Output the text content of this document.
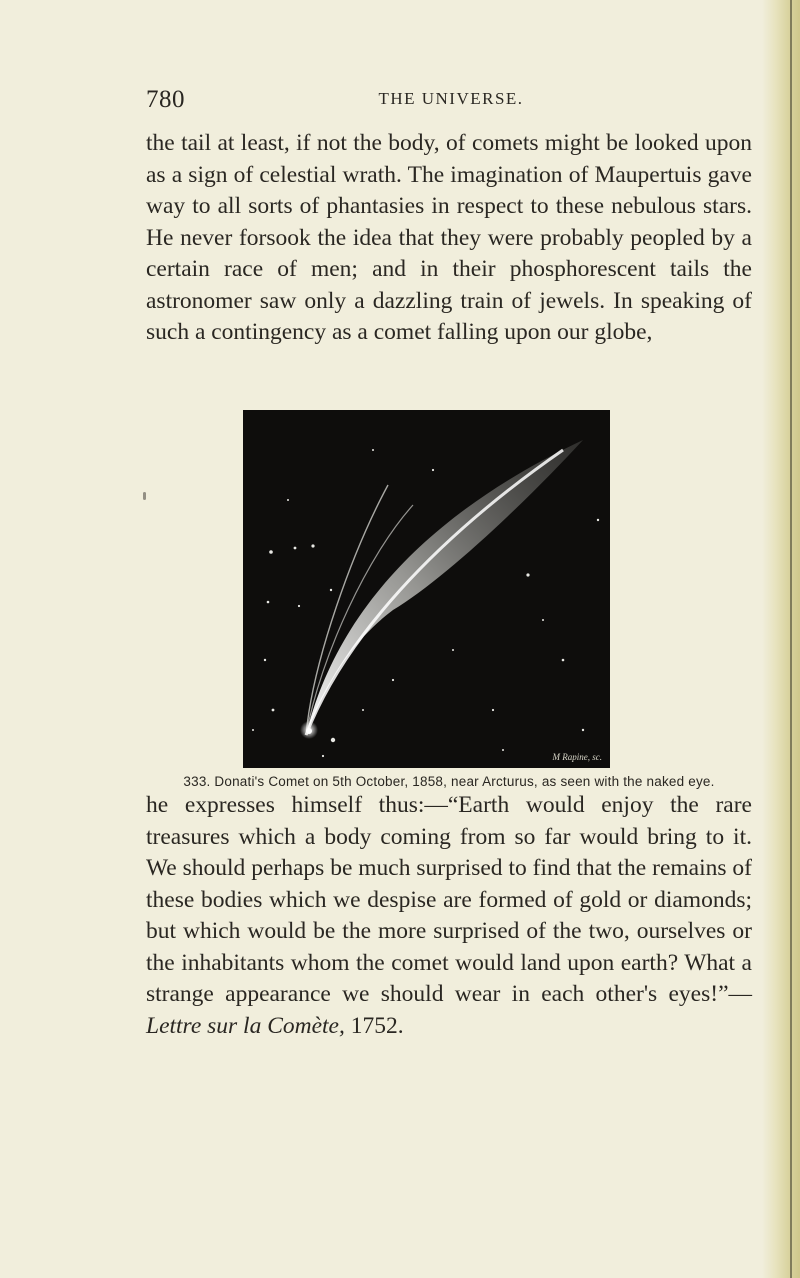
780	THE UNIVERSE.

the tail at least, if not the body, of comets might be looked upon as a sign of celestial wrath. The imagination of Maupertuis gave way to all sorts of phantasies in respect to these nebulous stars. He never forsook the idea that they were probably peopled by a certain race of men; and in their phosphorescent tails the astronomer saw only a dazzling train of jewels. In speaking of such a contingency as a comet falling upon our globe,

M Rapine, sc.
333. Donati's Comet on 5th October, 1858, near Arcturus, as seen with the naked eye.

he expresses himself thus:—“Earth would enjoy the rare treasures which a body coming from so far would bring to it. We should perhaps be much surprised to find that the remains of these bodies which we despise are formed of gold or diamonds; but which would be the more surprised of the two, ourselves or the inhabitants whom the comet would land upon earth? What a strange appearance we should wear in each other's eyes!”—Lettre sur la Comète, 1752.
